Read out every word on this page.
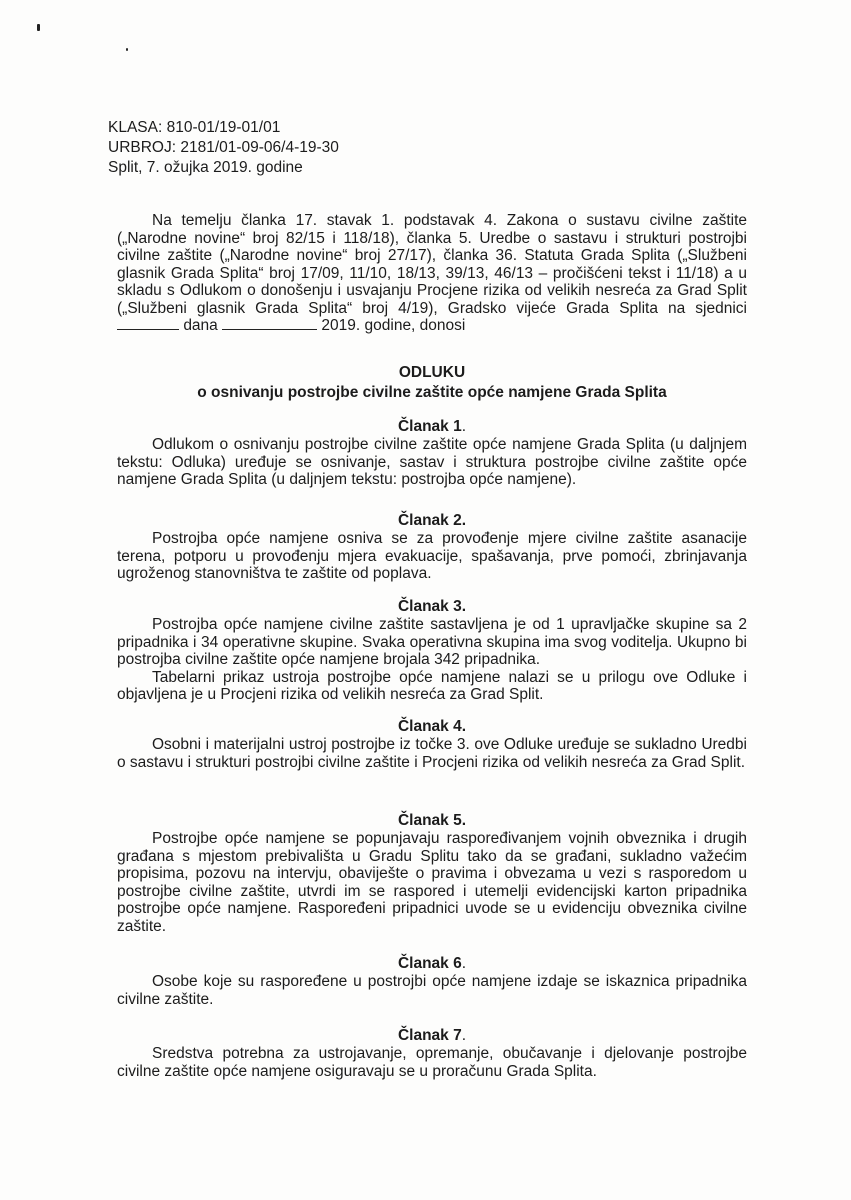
KLASA: 810-01/19-01/01
URBROJ: 2181/01-09-06/4-19-30
Split, 7. ožujka 2019. godine

Na temelju članka 17. stavak 1. podstavak 4. Zakona o sustavu civilne zaštite („Narodne novine“ broj 82/15 i 118/18), članka 5. Uredbe o sastavu i strukturi postrojbi civilne zaštite („Narodne novine“ broj 27/17), članka 36. Statuta Grada Splita („Službeni glasnik Grada Splita“ broj 17/09, 11/10, 18/13, 39/13, 46/13 – pročišćeni tekst i 11/18) a u skladu s Odlukom o donošenju i usvajanju Procjene rizika od velikih nesreća za Grad Split („Službeni glasnik Grada Splita“ broj 4/19), Gradsko vijeće Grada Splita na sjednici  dana	2019. godine, donosi

ODLUKU
o osnivanju postrojbe civilne zaštite opće namjene Grada Splita

Članak 1.

Odlukom o osnivanju postrojbe civilne zaštite opće namjene Grada Splita (u daljnjem tekstu: Odluka) uređuje se osnivanje, sastav i struktura postrojbe civilne zaštite opće namjene Grada Splita (u daljnjem tekstu: postrojba opće namjene).

Članak 2.

Postrojba opće namjene osniva se za provođenje mjere civilne zaštite asanacije terena, potporu u provođenju mjera evakuacije, spašavanja, prve pomoći, zbrinjavanja ugroženog stanovništva te zaštite od poplava.

Članak 3.

Postrojba opće namjene civilne zaštite sastavljena je od 1 upravljačke skupine sa 2 pripadnika i 34 operativne skupine. Svaka operativna skupina ima svog voditelja. Ukupno bi postrojba civilne zaštite opće namjene brojala 342 pripadnika.

Tabelarni prikaz ustroja postrojbe opće namjene nalazi se u prilogu ove Odluke i objavljena je u Procjeni rizika od velikih nesreća za Grad Split.

Članak 4.

Osobni i materijalni ustroj postrojbe iz točke 3. ove Odluke uređuje se sukladno Uredbi o sastavu i strukturi postrojbi civilne zaštite i Procjeni rizika od velikih nesreća za Grad Split.

Članak 5.

Postrojbe opće namjene se popunjavaju raspoređivanjem vojnih obveznika i drugih građana s mjestom prebivališta u Gradu Splitu tako da se građani, sukladno važećim propisima, pozovu na intervju, obaviješte o pravima i obvezama u vezi s rasporedom u postrojbe civilne zaštite, utvrdi im se raspored i utemelji evidencijski karton pripadnika postrojbe opće namjene. Raspoređeni pripadnici uvode se u evidenciju obveznika civilne zaštite.

Članak 6.

Osobe koje su raspoređene u postrojbi opće namjene izdaje se iskaznica pripadnika civilne zaštite.

Članak 7.

Sredstva potrebna za ustrojavanje, opremanje, obučavanje i djelovanje postrojbe civilne zaštite opće namjene osiguravaju se u proračunu Grada Splita.
